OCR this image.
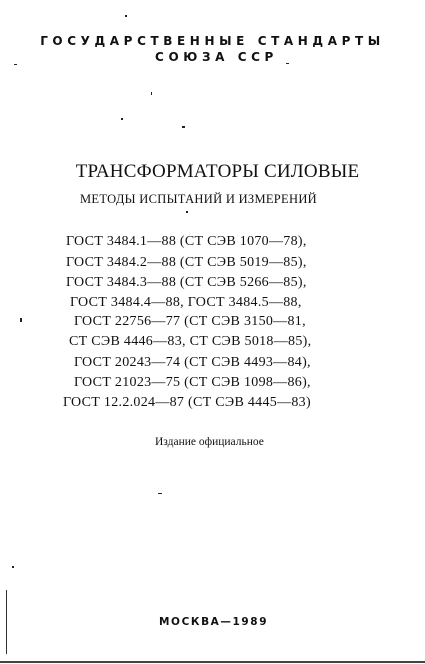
ГОСУДАРСТВЕННЫЕ СТАНДАРТЫ
СОЮЗА ССР
ТРАНСФОРМАТОРЫ СИЛОВЫЕ
МЕТОДЫ ИСПЫТАНИЙ И ИЗМЕРЕНИЙ
ГОСТ 3484.1—88 (СТ СЭВ 1070—78),
ГОСТ 3484.2—88 (СТ СЭВ 5019—85),
ГОСТ 3484.3—88 (СТ СЭВ 5266—85),
ГОСТ 3484.4—88, ГОСТ 3484.5—88,
ГОСТ 22756—77 (СТ СЭВ 3150—81,
СТ СЭВ 4446—83, СТ СЭВ 5018—85),
ГОСТ 20243—74 (СТ СЭВ 4493—84),
ГОСТ 21023—75 (СТ СЭВ 1098—86),
ГОСТ 12.2.024—87 (СТ СЭВ 4445—83)
Издание официальное
МОСКВА—1989
